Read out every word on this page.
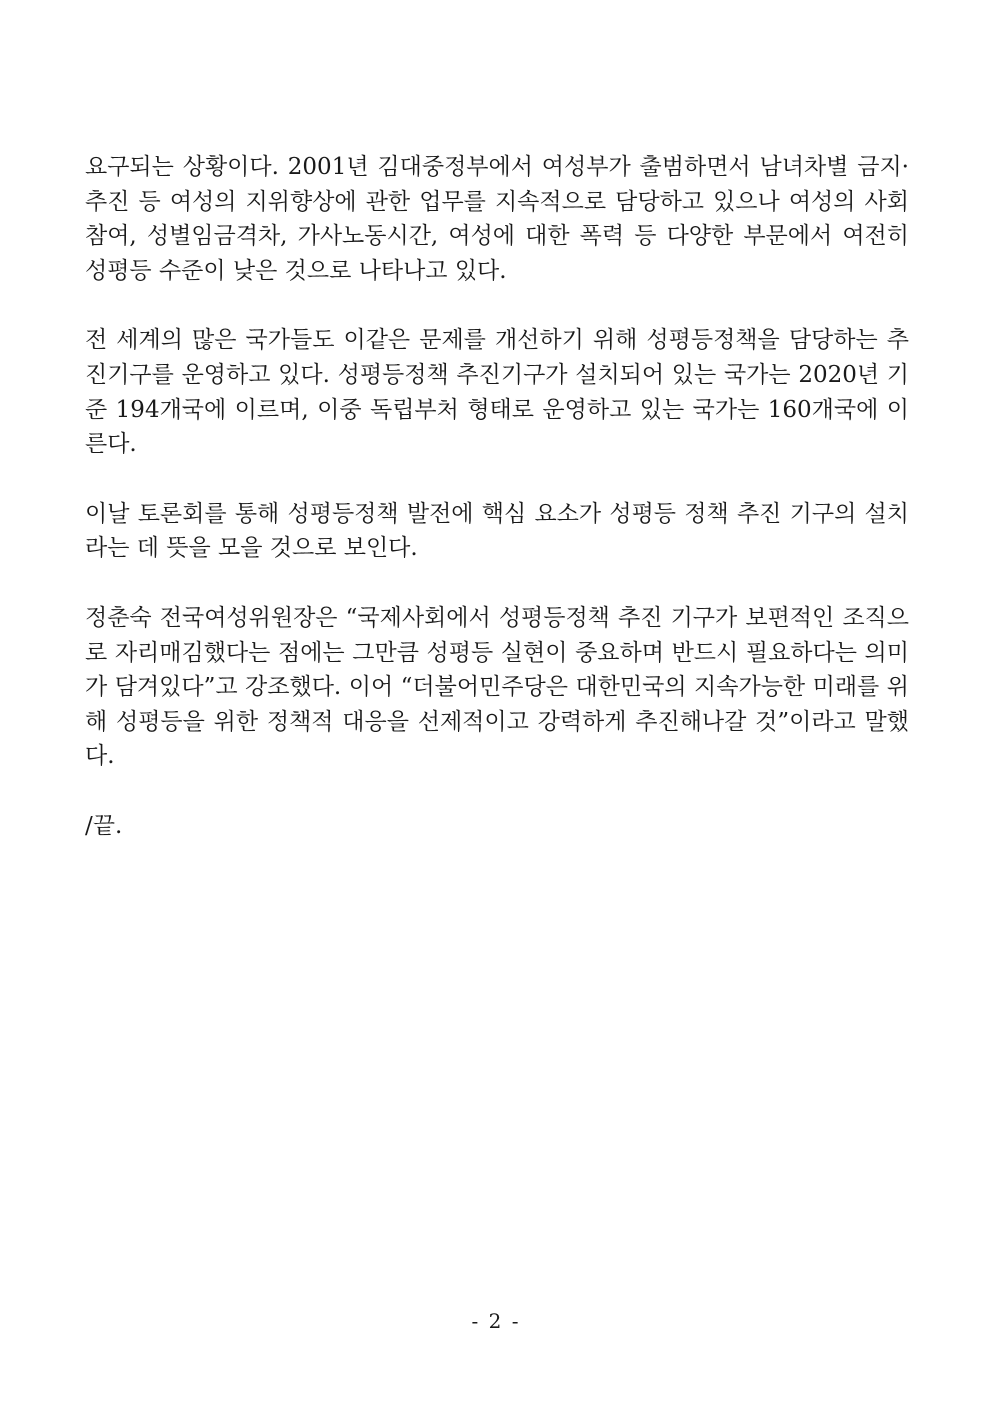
요구되는 상황이다. 2001년 김대중정부에서 여성부가 출범하면서 남녀차별 금지·추진 등 여성의 지위향상에 관한 업무를 지속적으로 담당하고 있으나 여성의 사회 참여, 성별임금격차, 가사노동시간, 여성에 대한 폭력 등 다양한 부문에서 여전히 성평등 수준이 낮은 것으로 나타나고 있다.

전 세계의 많은 국가들도 이같은 문제를 개선하기 위해 성평등정책을 담당하는 추진기구를 운영하고 있다. 성평등정책 추진기구가 설치되어 있는 국가는 2020년 기준 194개국에 이르며, 이중 독립부처 형태로 운영하고 있는 국가는 160개국에 이른다.

이날 토론회를 통해 성평등정책 발전에 핵심 요소가 성평등 정책 추진 기구의 설치라는 데 뜻을 모을 것으로 보인다.

정춘숙 전국여성위원장은 “국제사회에서 성평등정책 추진 기구가 보편적인 조직으로 자리매김했다는 점에는 그만큼 성평등 실현이 중요하며 반드시 필요하다는 의미가 담겨있다”고 강조했다. 이어 “더불어민주당은 대한민국의 지속가능한 미래를 위해 성평등을 위한 정책적 대응을 선제적이고 강력하게 추진해나갈 것”이라고 말했다.

/끝.

- 2 -
